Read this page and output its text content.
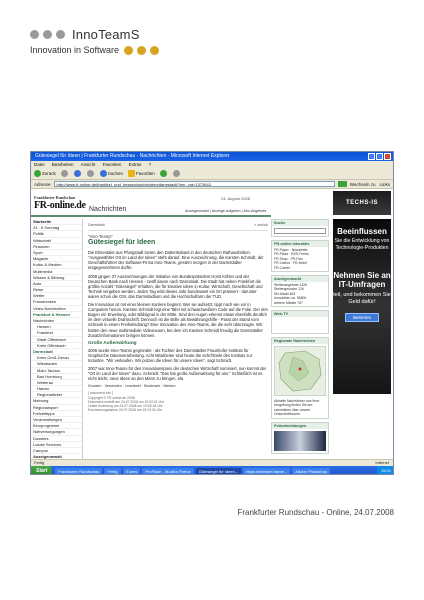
InnoTeamS
Innovation in Software
Gütesiegel für Ideen | Frankfurter Rundschau - Nachrichten - Microsoft Internet Explorer
Datei Bearbeiten Ansicht Favoriten Extras ?
Zurück	Suchen	Favoriten
Adresse	http://www.fr-online.de/frankfurt_und_hessen/nachrichten/darmstadt/?em_cnt=1373643	Wechseln zu Links
Frankfurter Rundschau
FR-online.de Nachrichten
24. August 2008
Anzeigenmarkt | Anzeige aufgeben | Abo-Angebote
Startseite
24 · 6 Sonntag
Politik
Wirtschaft
Finanzen
Sport
Magazin
Kultur & Medien
Multimedia
Wissen & Bildung
Auto
Reise
Wetter
Fotostrecken
Video-Nachrichten
Frankfurt & Hessen
Nachrichten
Hessen
Frankfurt
Stadt Offenbach
Kreis Offenbach
Darmstadt
Kreis Groß-Gerau
Wiesbaden
Main-Taunus
Bad Homburg
Wetterau
Hanau
Regionalticker
Meinung
Regionalsport
Freizeittipps
Veranstaltungen
Kinoprogramm
Nahversorgungen
Dossiers
Lokale Services
Campus
Anzeigenmarkt
Darmstadt	« zurück
"Inno-Teams"
Gütesiegel für Ideen

Die Elmentaler aus Pfungstadt zieren den Datteritrabant in den deutschen Rathausfarben. "Ausgewählter Ort im Land der Ideen" steht darauf. Eine Auszeichnung, die Karsten Schmidt, der Geschäftsführer der Software-Firma Inno-Teams, gestern morgen in der Darmstädter entgegennehmen durfte.

2008 gingen 37 Auszeichnungen der Initiative von Bundespräsident Horst Köhler und der Deutschen Bank nach Hessen - zwölf davon nach Darmstadt. Die Stadt hat neben Frankfurt die größte Anzahl "Gütesiegel" erhalten, die für kreative Ideen in Kultur, Wirtschaft, Gesellschaft und Technik vergeben werden. Jeden Tag wird dieses Jahr bundesweit ein Ort prämiert - darunter waren schon die GSI, das Darmstadtium und die Hochschulfarm der TUD.

Die Innovation ist mit einer kleinen Karriere beginnt. Wer sie aufsetzt, tippt nach wie vor in Computern herum. Karsten Schmidt legt eine Tafel mit schwarzweißem Code auf die Folie. Der den Bogen ein Erweitung, oder Bildsignal in der Mitte. Sind drei Augen erkennt etwas ebenfalls deutlich im dem virtuelle Drahtschrift. Dennoch ist die Brille als Bewährungshilfe - Passt der Stand vom Schrank in einem Freiheitsdrang? Eine Innovation des Inno-Teams, die die sehr überzeugte. Wir hatten den neue multimediale Videoneuen, bei dem ich Karsten Schmidt freudig die Darmstädter Zusatzinformationen bringen können.

Große Außenwirkung

2006 wurde Inno-Teams gegründet - als Tochter des Darmstädter Fraunhofer Instituts für Graphische Datenverarbeitung. Acht Mitarbeiter sind heute die Schriftzeile des Instituts zur Industrie. "Wir verkaufen. Wir putzen die Ideen für unsere Ideen", sagt Schmidt.

2007 war Inno-Teams für den Innovationspreis der deutschen Wirtschaft nominiert, nun kommt der "Ort im Land der Ideen" dazu. Schmidt: "Das hat große Außenwirkung für uns." Schließlich ist es nicht leicht, neue Ideen an den Mann zu bringen. ela

Drucken · Versenden · Leserbrief · Bookmark · Merken
[ document info ]
Copyright © FR online.de 2008
Dokument erstellt am 24.07.2008 um 19:52:01 Uhr
Letzte Änderung am 24.07.2008 um 19:53:16 Uhr
Erscheinungsdatum 25.07.2008 um 19:12:34 Uhr
Suche
FR-online interaktiv
FR-Paper · Newsletter
FR-Plaza · RSS-Feeds
FR-Shop · FR-Foto
FR-Videos · FR-Mobil
FR-Career
Anzeigenmarkt
Stellenangebote 1426
Stellengesuche 126
Kfz-Markt 463
Immobilien ca. 96800
weitere Märkte 767
Web-TV
Regionale Nachrichten
Aktuelle Nachrichten aus Ihrer Umgebung finden Sie am schnellsten über unsere Ortsschnellsuche.
Polizeimeldungen
TECHS-IS
Beeinflussen
Sie die Entwicklung von Technologie-Produkten
Nehmen Sie an IT-Umfragen
teil, und bekommen Sie Geld dafür!
Beitreten
Fertig	Internet
Start	Frankfurter Rundschau	Fertig	iTunes	ProFlash - Mozilla Firefox	Gütesiegel für Ideen...	https://extranet.frame...	Adobe Photoshop	15:01
Frankfurter Rundschau - Online, 24.07.2008
